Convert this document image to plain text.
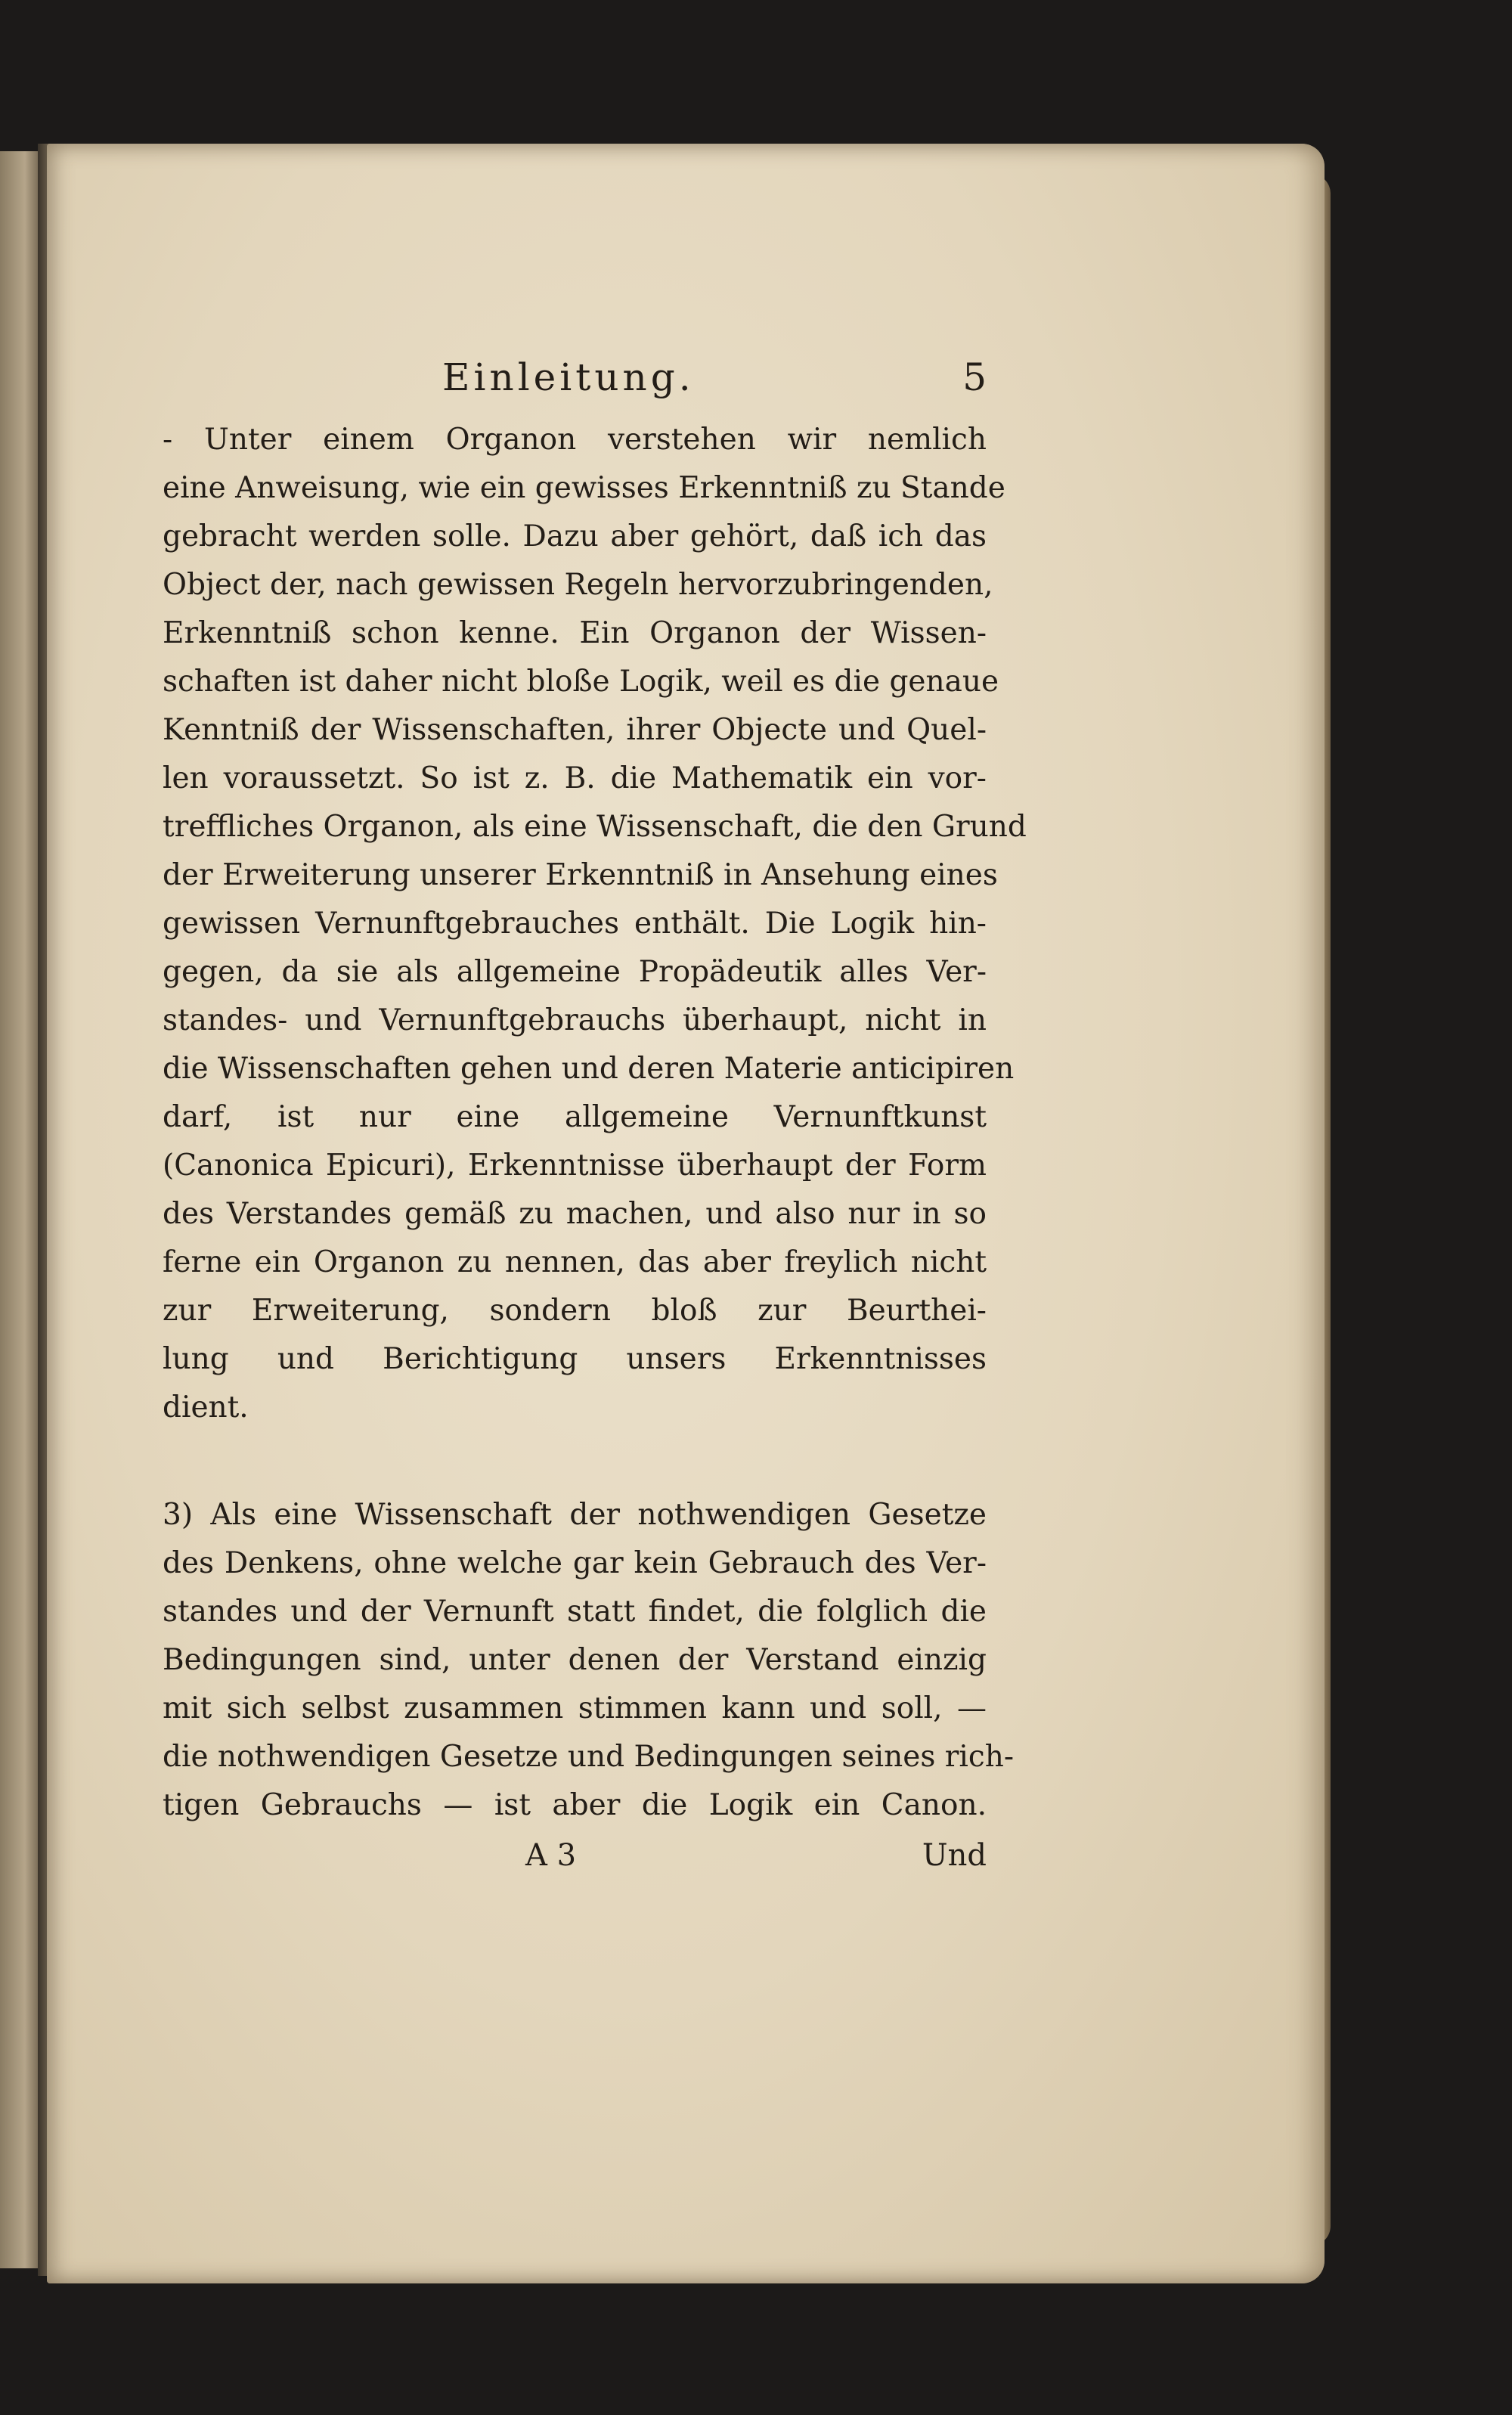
Einleitung.	5
- Unter einem Organon verstehen wir nemlich
eine Anweisung, wie ein gewisses Erkenntniß zu Stande
gebracht werden solle. Dazu aber gehört, daß ich das
Object der, nach gewissen Regeln hervorzubringenden,
Erkenntniß schon kenne. Ein Organon der Wissen-
schaften ist daher nicht bloße Logik, weil es die genaue
Kenntniß der Wissenschaften, ihrer Objecte und Quel-
len voraussetzt. So ist z. B. die Mathematik ein vor-
treffliches Organon, als eine Wissenschaft, die den Grund
der Erweiterung unserer Erkenntniß in Ansehung eines
gewissen Vernunftgebrauches enthält. Die Logik hin-
gegen, da sie als allgemeine Propädeutik alles Ver-
standes- und Vernunftgebrauchs überhaupt, nicht in
die Wissenschaften gehen und deren Materie anticipiren
darf, ist nur eine allgemeine Vernunftkunst
(Canonica Epicuri), Erkenntnisse überhaupt der Form
des Verstandes gemäß zu machen, und also nur in so
ferne ein Organon zu nennen, das aber freylich nicht
zur Erweiterung, sondern bloß zur Beurthei-
lung und Berichtigung unsers Erkenntnisses
dient.
3) Als eine Wissenschaft der nothwendigen Gesetze
des Denkens, ohne welche gar kein Gebrauch des Ver-
standes und der Vernunft statt findet, die folglich die
Bedingungen sind, unter denen der Verstand einzig
mit sich selbst zusammen stimmen kann und soll, —
die nothwendigen Gesetze und Bedingungen seines rich-
tigen Gebrauchs — ist aber die Logik ein Canon.
A 3	Und
